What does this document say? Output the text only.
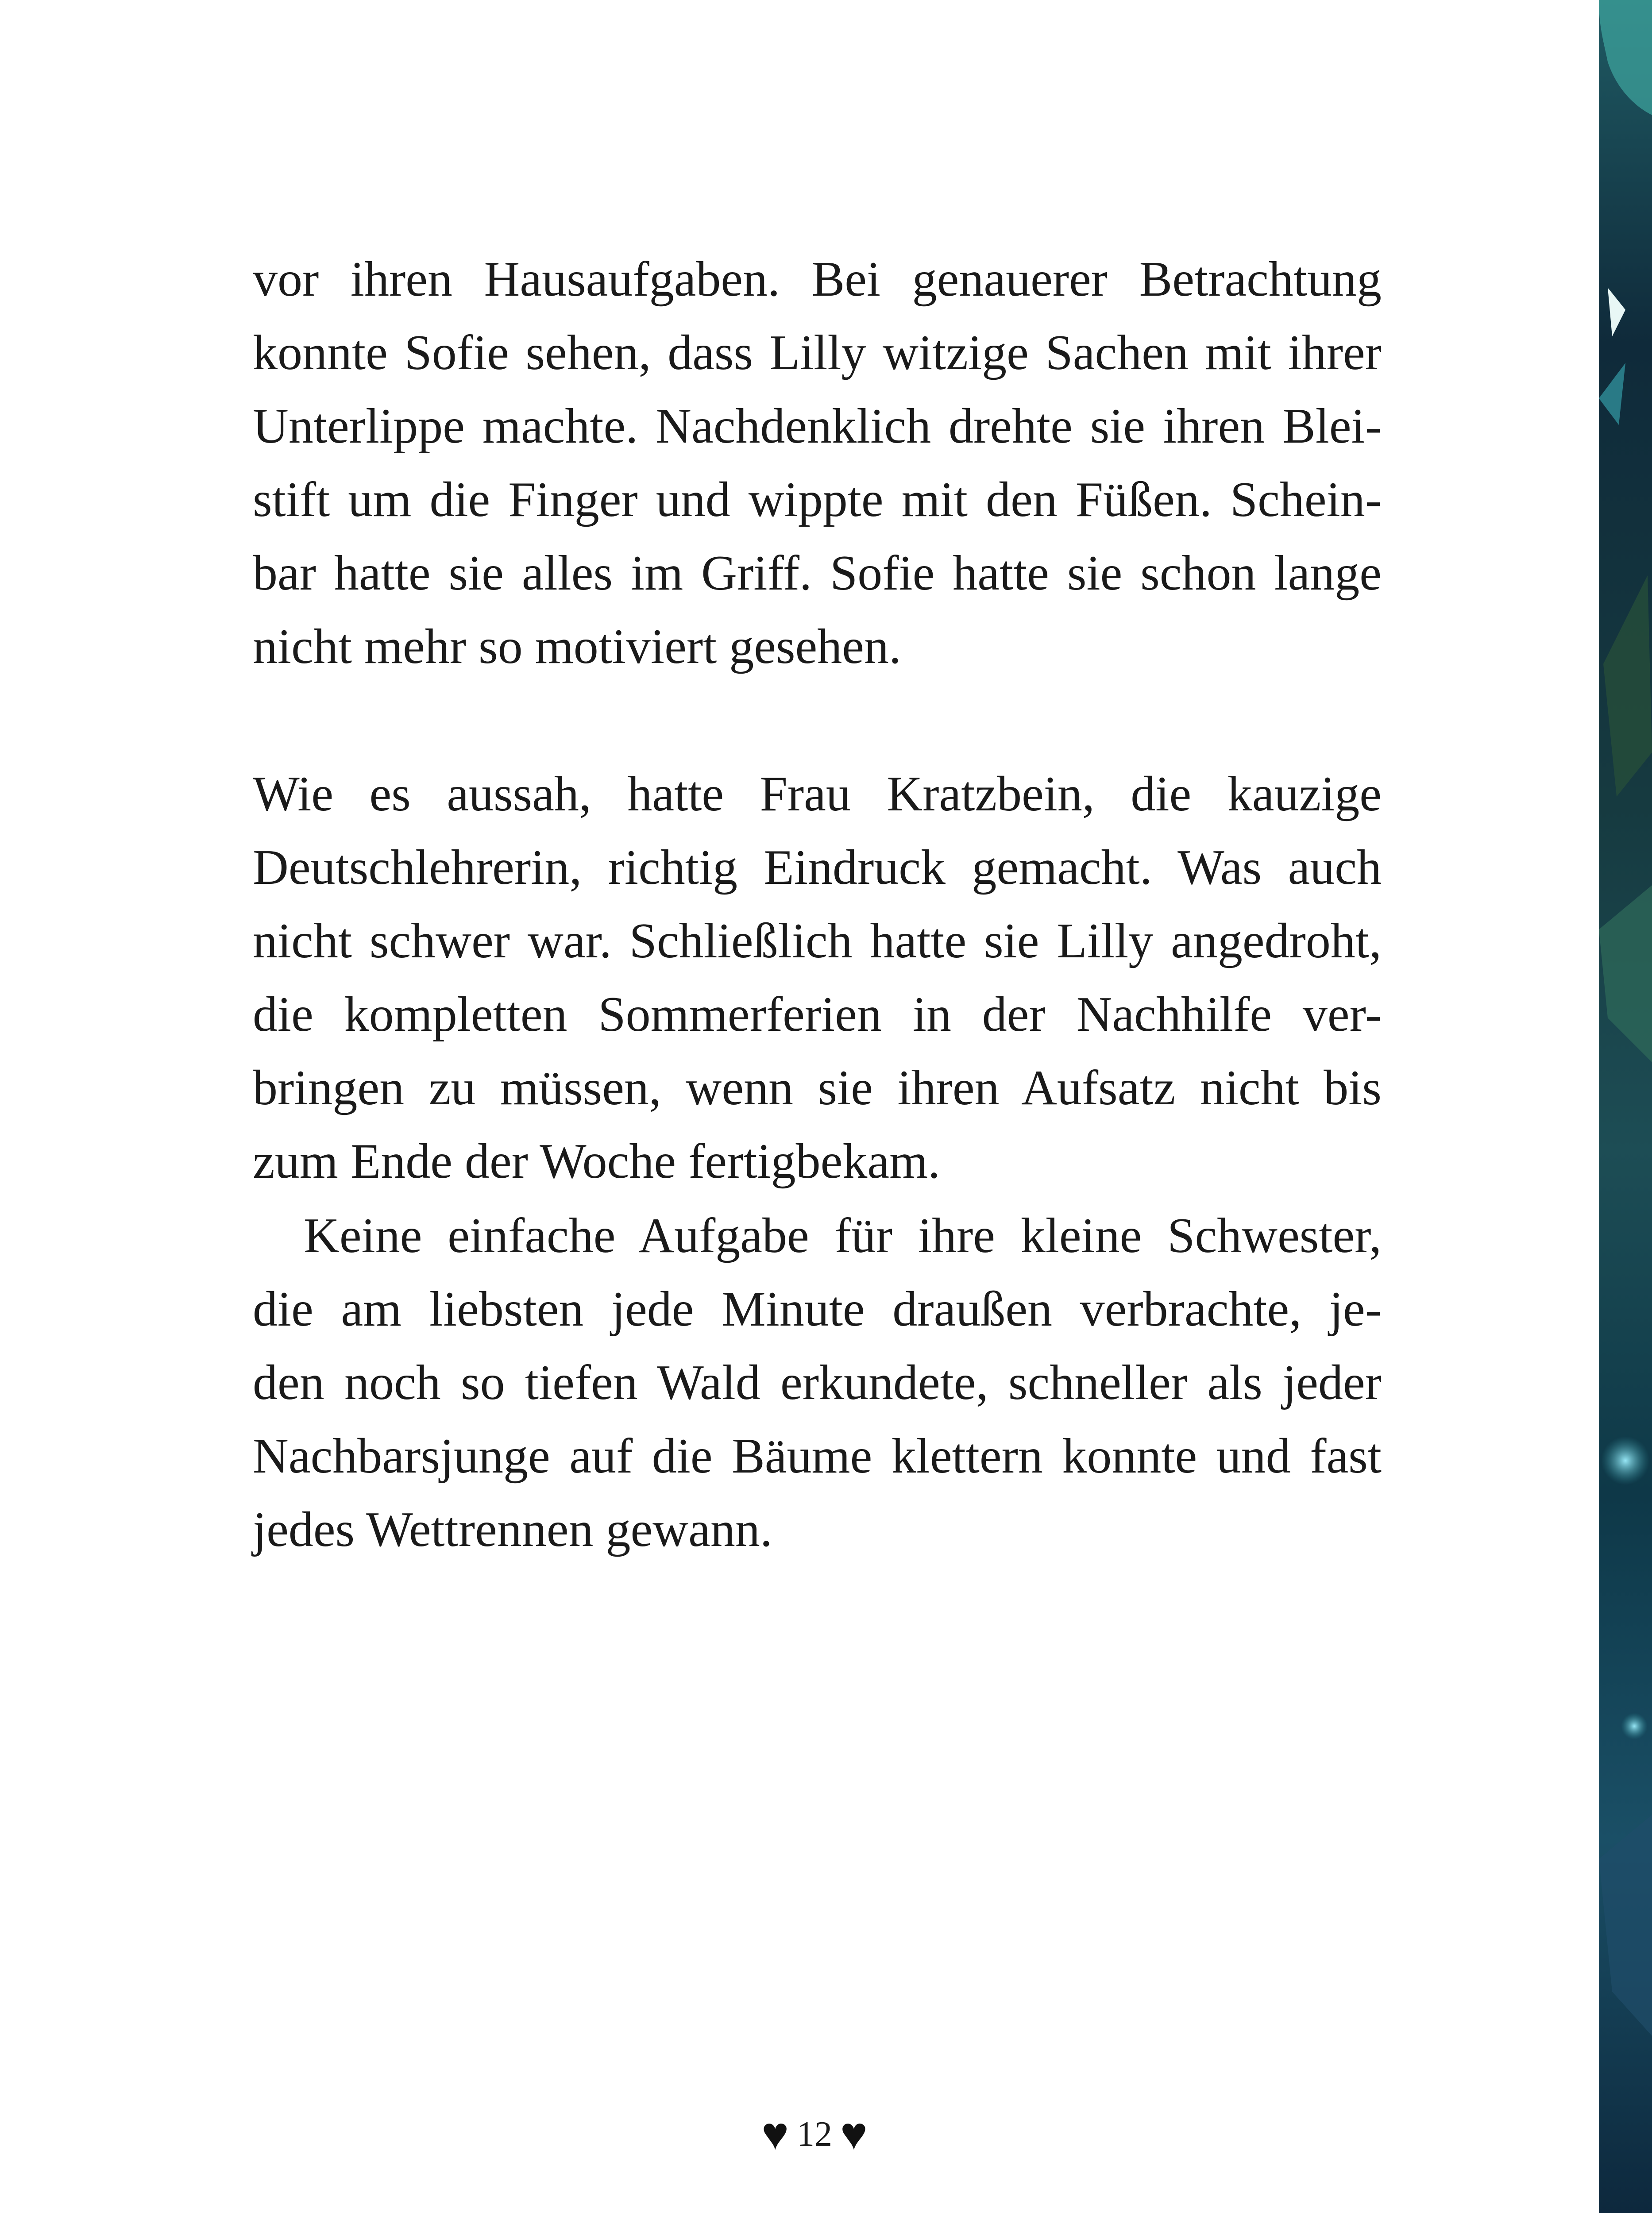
vor ihren Hausaufgaben. Bei genauerer Betrachtung
konnte Sofie sehen, dass Lilly witzige Sachen mit ihrer
Unterlippe machte. Nachdenklich drehte sie ihren Blei-
stift um die Finger und wippte mit den Füßen. Schein-
bar hatte sie alles im Griff. Sofie hatte sie schon lange
nicht mehr so motiviert gesehen.
Wie es aussah, hatte Frau Kratzbein, die kauzige
Deutschlehrerin, richtig Eindruck gemacht. Was auch
nicht schwer war. Schließlich hatte sie Lilly angedroht,
die kompletten Sommerferien in der Nachhilfe ver-
bringen zu müssen, wenn sie ihren Aufsatz nicht bis
zum Ende der Woche fertigbekam.
Keine einfache Aufgabe für ihre kleine Schwester,
die am liebsten jede Minute draußen verbrachte, je-
den noch so tiefen Wald erkundete, schneller als jeder
Nachbarsjunge auf die Bäume klettern konnte und fast
jedes Wettrennen gewann.
♥ 12 ♥
